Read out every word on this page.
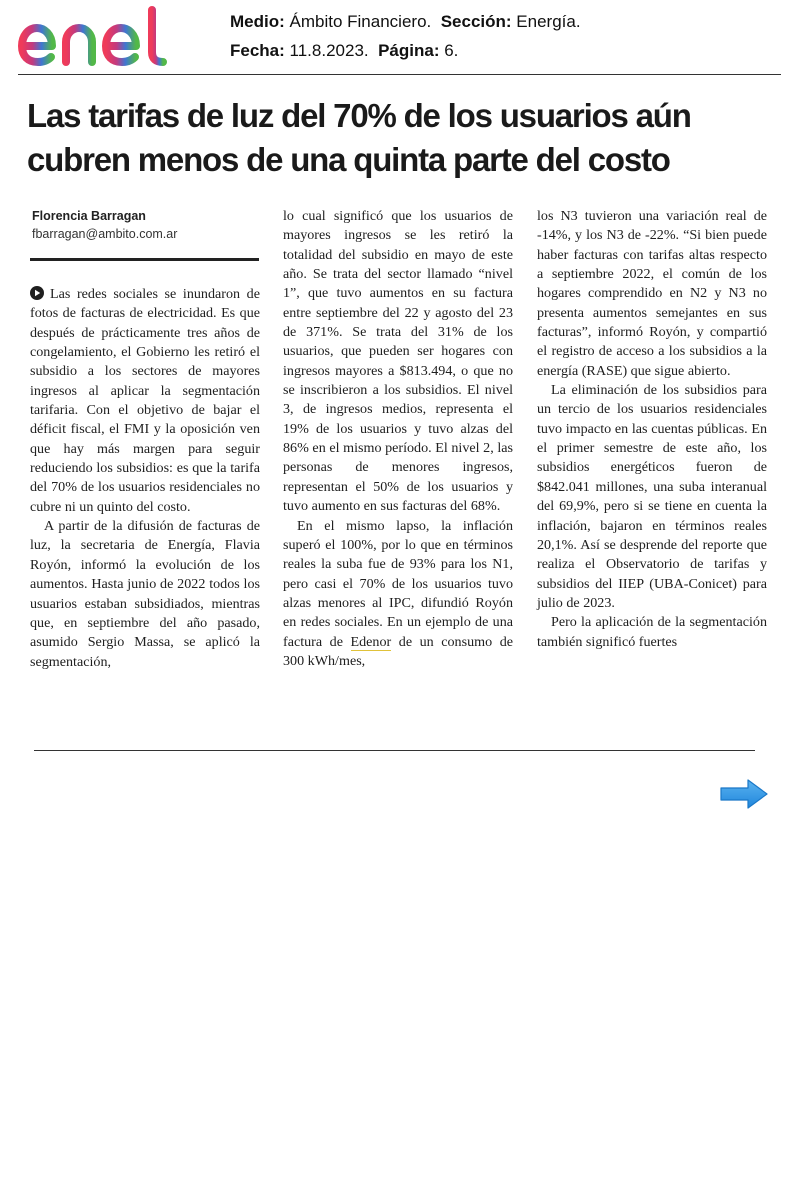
Medio: Ámbito Financiero. Sección: Energía.
Fecha: 11.8.2023. Página: 6.
Las tarifas de luz del 70% de los usuarios aún cubren menos de una quinta parte del costo
Florencia Barragan
fbarragan@ambito.com.ar

Las redes sociales se inundaron de fotos de facturas de electricidad. Es que después de prácticamente tres años de congelamiento, el Gobierno les retiró el subsidio a los sectores de mayores ingresos al aplicar la segmentación tarifaria. Con el objetivo de bajar el déficit fiscal, el FMI y la oposición ven que hay más margen para seguir reduciendo los subsidios: es que la tarifa del 70% de los usuarios residenciales no cubre ni un quinto del costo.

A partir de la difusión de facturas de luz, la secretaria de Energía, Flavia Royón, informó la evolución de los aumentos. Hasta junio de 2022 todos los usuarios estaban subsidiados, mientras que, en septiembre del año pasado, asumido Sergio Massa, se aplicó la segmentación,

lo cual significó que los usuarios de mayores ingresos se les retiró la totalidad del subsidio en mayo de este año. Se trata del sector llamado “nivel 1”, que tuvo aumentos en su factura entre septiembre del 22 y agosto del 23 de 371%. Se trata del 31% de los usuarios, que pueden ser hogares con ingresos mayores a $813.494, o que no se inscribieron a los subsidios. El nivel 3, de ingresos medios, representa el 19% de los usuarios y tuvo alzas del 86% en el mismo período. El nivel 2, las personas de menores ingresos, representan el 50% de los usuarios y tuvo aumento en sus facturas del 68%.

En el mismo lapso, la inflación superó el 100%, por lo que en términos reales la suba fue de 93% para los N1, pero casi el 70% de los usuarios tuvo alzas menores al IPC, difundió Royón en redes sociales. En un ejemplo de una factura de Edenor de un consumo de 300 kWh/mes,

los N3 tuvieron una variación real de -14%, y los N3 de -22%. “Si bien puede haber facturas con tarifas altas respecto a septiembre 2022, el común de los hogares comprendido en N2 y N3 no presenta aumentos semejantes en sus facturas”, informó Royón, y compartió el registro de acceso a los subsidios a la energía (RASE) que sigue abierto.

La eliminación de los subsidios para un tercio de los usuarios residenciales tuvo impacto en las cuentas públicas. En el primer semestre de este año, los subsidios energéticos fueron de $842.041 millones, una suba interanual del 69,9%, pero si se tiene en cuenta la inflación, bajaron en términos reales 20,1%. Así se desprende del reporte que realiza el Observatorio de tarifas y subsidios del IIEP (UBA-Conicet) para julio de 2023.

Pero la aplicación de la segmentación también significó fuertes
